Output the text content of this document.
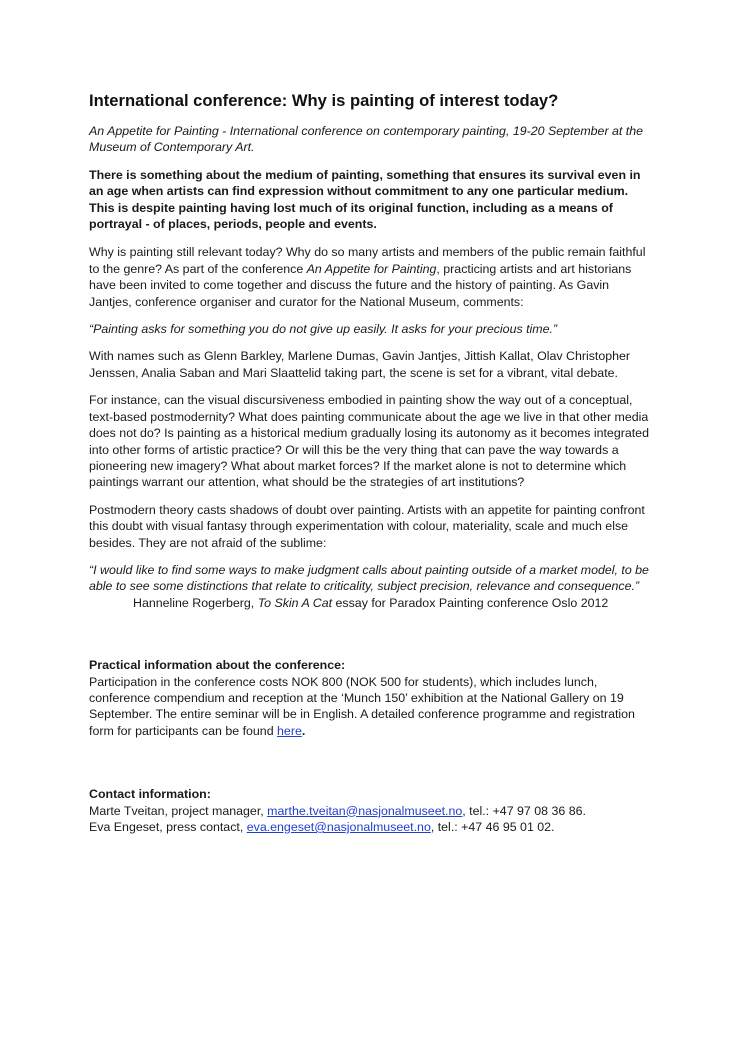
International conference: Why is painting of interest today?

An Appetite for Painting - International conference on contemporary painting, 19-20 September at the Museum of Contemporary Art.

There is something about the medium of painting, something that ensures its survival even in an age when artists can find expression without commitment to any one particular medium. This is despite painting having lost much of its original function, including as a means of portrayal - of places, periods, people and events.

Why is painting still relevant today? Why do so many artists and members of the public remain faithful to the genre? As part of the conference An Appetite for Painting, practicing artists and art historians have been invited to come together and discuss the future and the history of painting. As Gavin Jantjes, conference organiser and curator for the National Museum, comments:

“Painting asks for something you do not give up easily. It asks for your precious time.”

With names such as Glenn Barkley, Marlene Dumas, Gavin Jantjes, Jittish Kallat, Olav Christopher Jenssen, Analia Saban and Mari Slaattelid taking part, the scene is set for a vibrant, vital debate.

For instance, can the visual discursiveness embodied in painting show the way out of a conceptual, text-based postmodernity? What does painting communicate about the age we live in that other media does not do? Is painting as a historical medium gradually losing its autonomy as it becomes integrated into other forms of artistic practice? Or will this be the very thing that can pave the way towards a pioneering new imagery? What about market forces? If the market alone is not to determine which paintings warrant our attention, what should be the strategies of art institutions?

Postmodern theory casts shadows of doubt over painting. Artists with an appetite for painting confront this doubt with visual fantasy through experimentation with colour, materiality, scale and much else besides. They are not afraid of the sublime:

“I would like to find some ways to make judgment calls about painting outside of a market model, to be able to see some distinctions that relate to criticality, subject precision, relevance and consequence.”

Hanneline Rogerberg, To Skin A Cat essay for Paradox Painting conference Oslo 2012

Practical information about the conference:

Participation in the conference costs NOK 800 (NOK 500 for students), which includes lunch, conference compendium and reception at the ‘Munch 150’ exhibition at the National Gallery on 19 September. The entire seminar will be in English. A detailed conference programme and registration form for participants can be found here.

Contact information:

Marte Tveitan, project manager, marthe.tveitan@nasjonalmuseet.no, tel.: +47 97 08 36 86.

Eva Engeset, press contact, eva.engeset@nasjonalmuseet.no, tel.: +47 46 95 01 02.
